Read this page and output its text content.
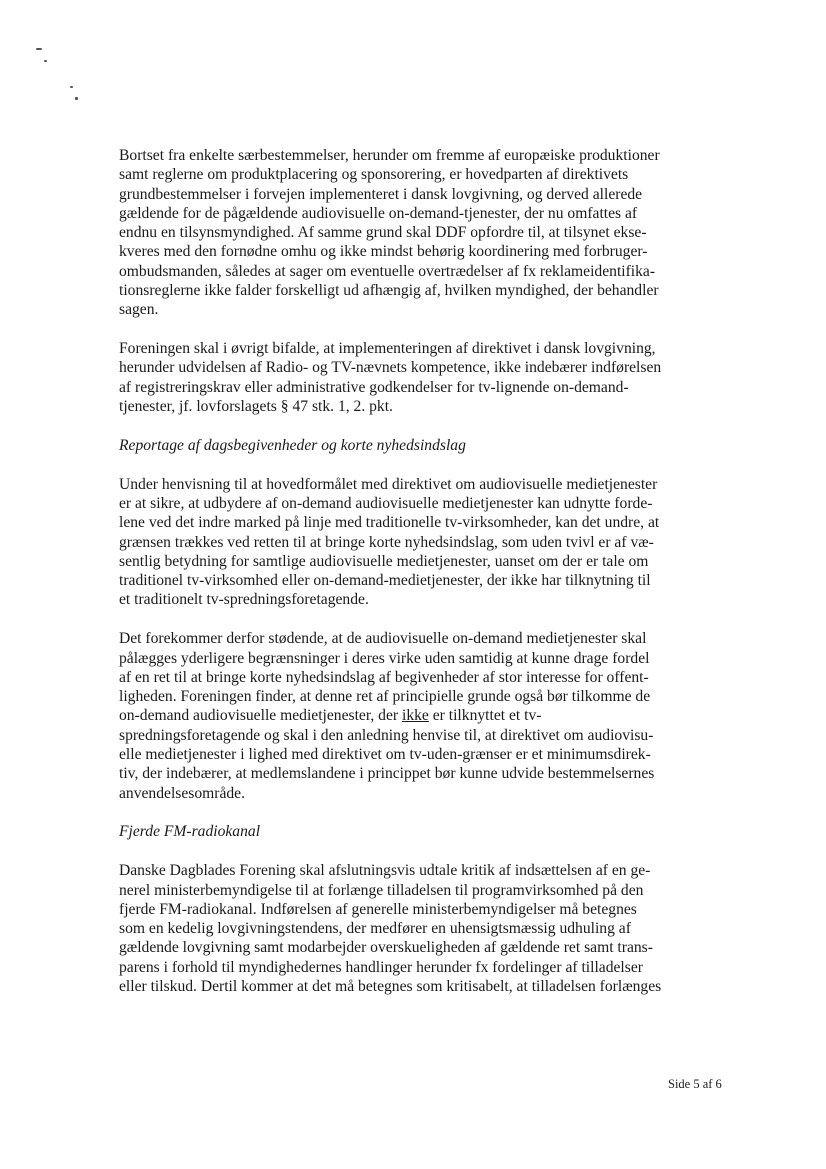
Bortset fra enkelte særbestemmelser, herunder om fremme af europæiske produktioner
samt reglerne om produktplacering og sponsorering, er hovedparten af direktivets
grundbestemmelser i forvejen implementeret i dansk lovgivning, og derved allerede
gældende for de pågældende audiovisuelle on-demand-tjenester, der nu omfattes af
endnu en tilsynsmyndighed. Af samme grund skal DDF opfordre til, at tilsynet ekse-
kveres med den fornødne omhu og ikke mindst behørig koordinering med forbruger-
ombudsmanden, således at sager om eventuelle overtrædelser af fx reklameidentifika-
tionsreglerne ikke falder forskelligt ud afhængig af, hvilken myndighed, der behandler
sagen.

Foreningen skal i øvrigt bifalde, at implementeringen af direktivet i dansk lovgivning,
herunder udvidelsen af Radio- og TV-nævnets kompetence, ikke indebærer indførelsen
af registreringskrav eller administrative godkendelser for tv-lignende on-demand-
tjenester, jf. lovforslagets § 47 stk. 1, 2. pkt.

Reportage af dagsbegivenheder og korte nyhedsindslag

Under henvisning til at hovedformålet med direktivet om audiovisuelle medietjenester
er at sikre, at udbydere af on-demand audiovisuelle medietjenester kan udnytte forde-
lene ved det indre marked på linje med traditionelle tv-virksomheder, kan det undre, at
grænsen trækkes ved retten til at bringe korte nyhedsindslag, som uden tvivl er af væ-
sentlig betydning for samtlige audiovisuelle medietjenester, uanset om der er tale om
traditionel tv-virksomhed eller on-demand-medietjenester, der ikke har tilknytning til
et traditionelt tv-spredningsforetagende.

Det forekommer derfor stødende, at de audiovisuelle on-demand medietjenester skal
pålægges yderligere begrænsninger i deres virke uden samtidig at kunne drage fordel
af en ret til at bringe korte nyhedsindslag af begivenheder af stor interesse for offent-
ligheden. Foreningen finder, at denne ret af principielle grunde også bør tilkomme de
on-demand audiovisuelle medietjenester, der ikke er tilknyttet et tv-
spredningsforetagende og skal i den anledning henvise til, at direktivet om audiovisu-
elle medietjenester i lighed med direktivet om tv-uden-grænser er et minimumsdirek-
tiv, der indebærer, at medlemslandene i princippet bør kunne udvide bestemmelsernes
anvendelsesområde.

Fjerde FM-radiokanal

Danske Dagblades Forening skal afslutningsvis udtale kritik af indsættelsen af en ge-
nerel ministerbemyndigelse til at forlænge tilladelsen til programvirksomhed på den
fjerde FM-radiokanal. Indførelsen af generelle ministerbemyndigelser må betegnes
som en kedelig lovgivningstendens, der medfører en uhensigtsmæssig udhuling af
gældende lovgivning samt modarbejder overskueligheden af gældende ret samt trans-
parens i forhold til myndighedernes handlinger herunder fx fordelinger af tilladelser
eller tilskud. Dertil kommer at det må betegnes som kritisabelt, at tilladelsen forlænges

Side 5 af 6
